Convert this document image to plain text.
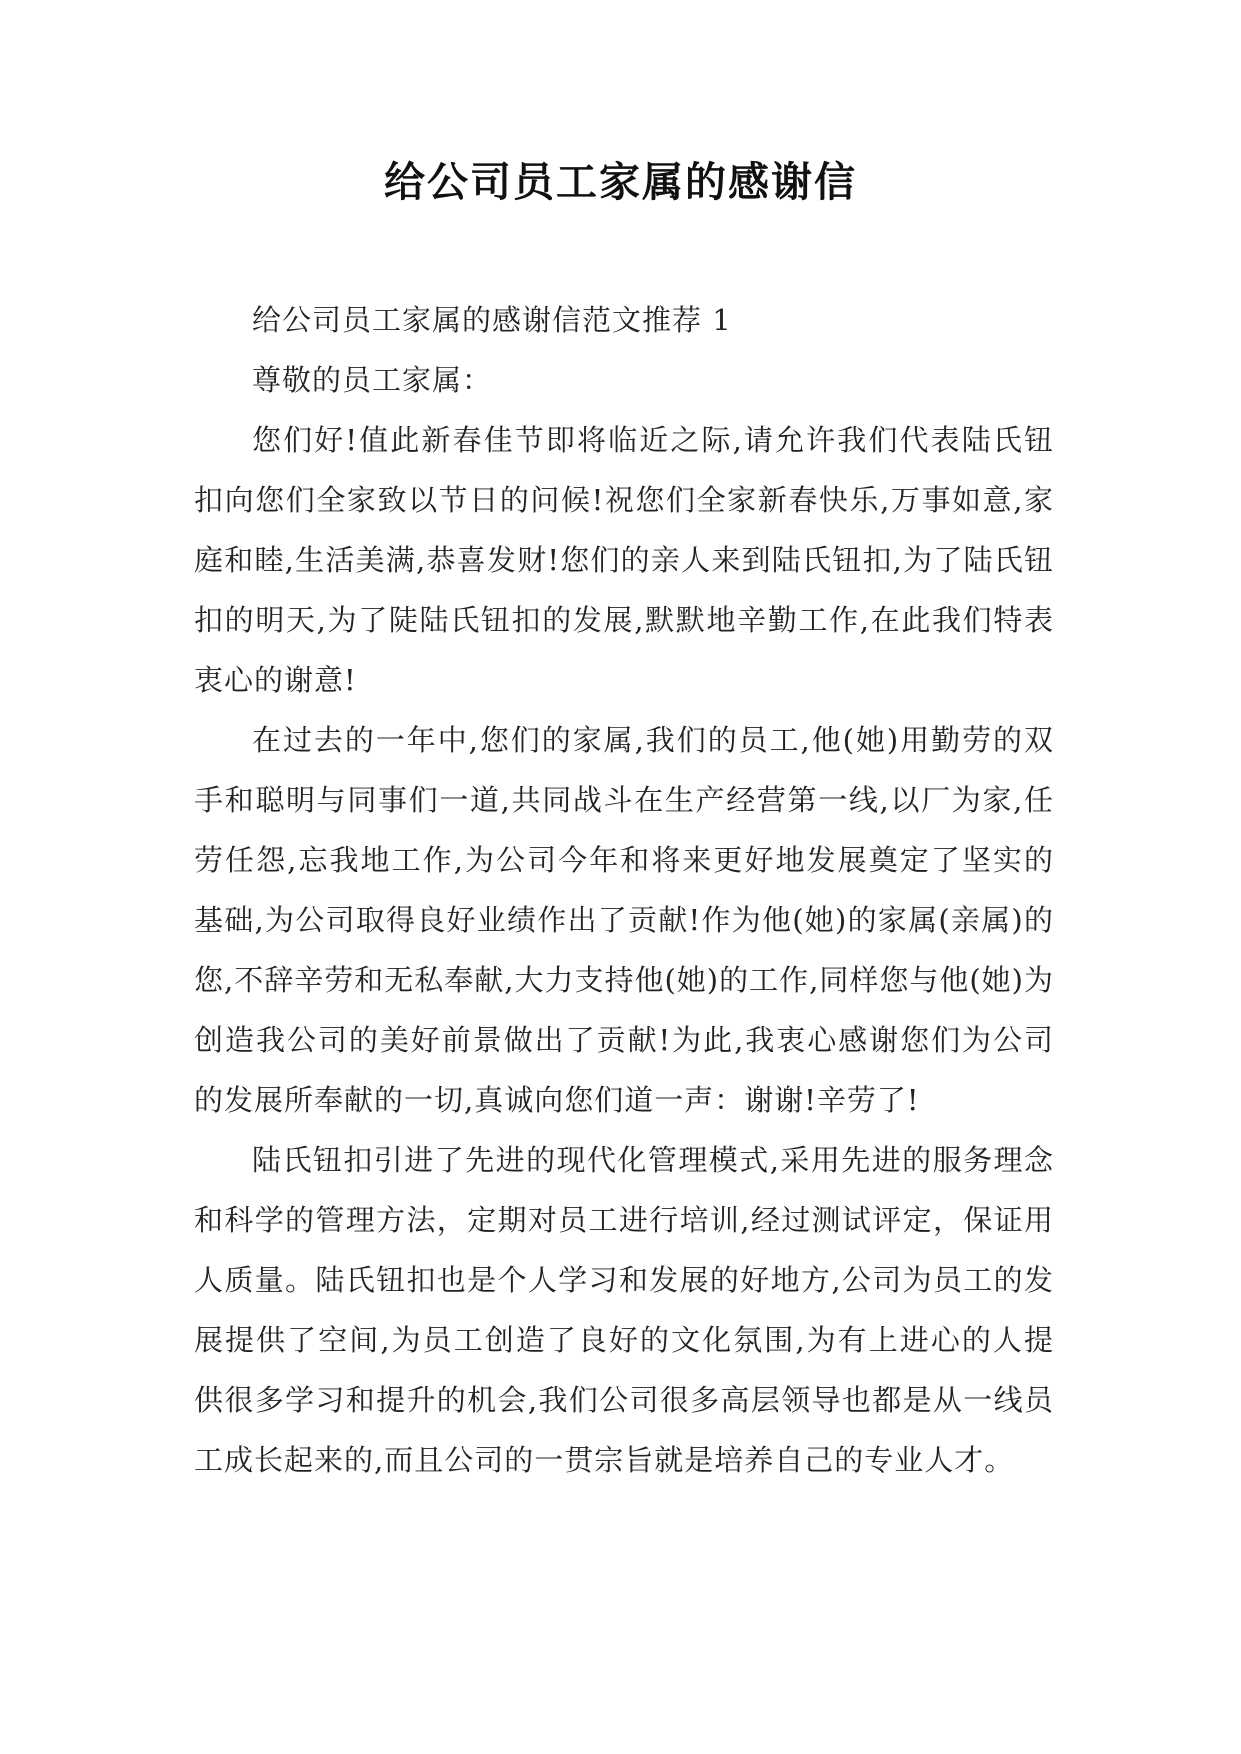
给公司员工家属的感谢信

给公司员工家属的感谢信范文推荐 1

尊敬的员工家属：

您们好!值此新春佳节即将临近之际,请允许我们代表陆氏钮扣向您们全家致以节日的问候!祝您们全家新春快乐,万事如意,家庭和睦,生活美满,恭喜发财!您们的亲人来到陆氏钮扣,为了陆氏钮扣的明天,为了陡陆氏钮扣的发展,默默地辛勤工作,在此我们特表衷心的谢意!

在过去的一年中,您们的家属,我们的员工,他(她)用勤劳的双手和聪明与同事们一道,共同战斗在生产经营第一线,以厂为家,任劳任怨,忘我地工作,为公司今年和将来更好地发展奠定了坚实的基础,为公司取得良好业绩作出了贡献!作为他(她)的家属(亲属)的您,不辞辛劳和无私奉献,大力支持他(她)的工作,同样您与他(她)为创造我公司的美好前景做出了贡献!为此,我衷心感谢您们为公司的发展所奉献的一切,真诚向您们道一声：谢谢!辛劳了!

陆氏钮扣引进了先进的现代化管理模式,采用先进的服务理念和科学的管理方法，定期对员工进行培训,经过测试评定，保证用人质量。陆氏钮扣也是个人学习和发展的好地方,公司为员工的发展提供了空间,为员工创造了良好的文化氛围,为有上进心的人提供很多学习和提升的机会,我们公司很多高层领导也都是从一线员工成长起来的,而且公司的一贯宗旨就是培养自己的专业人才。
